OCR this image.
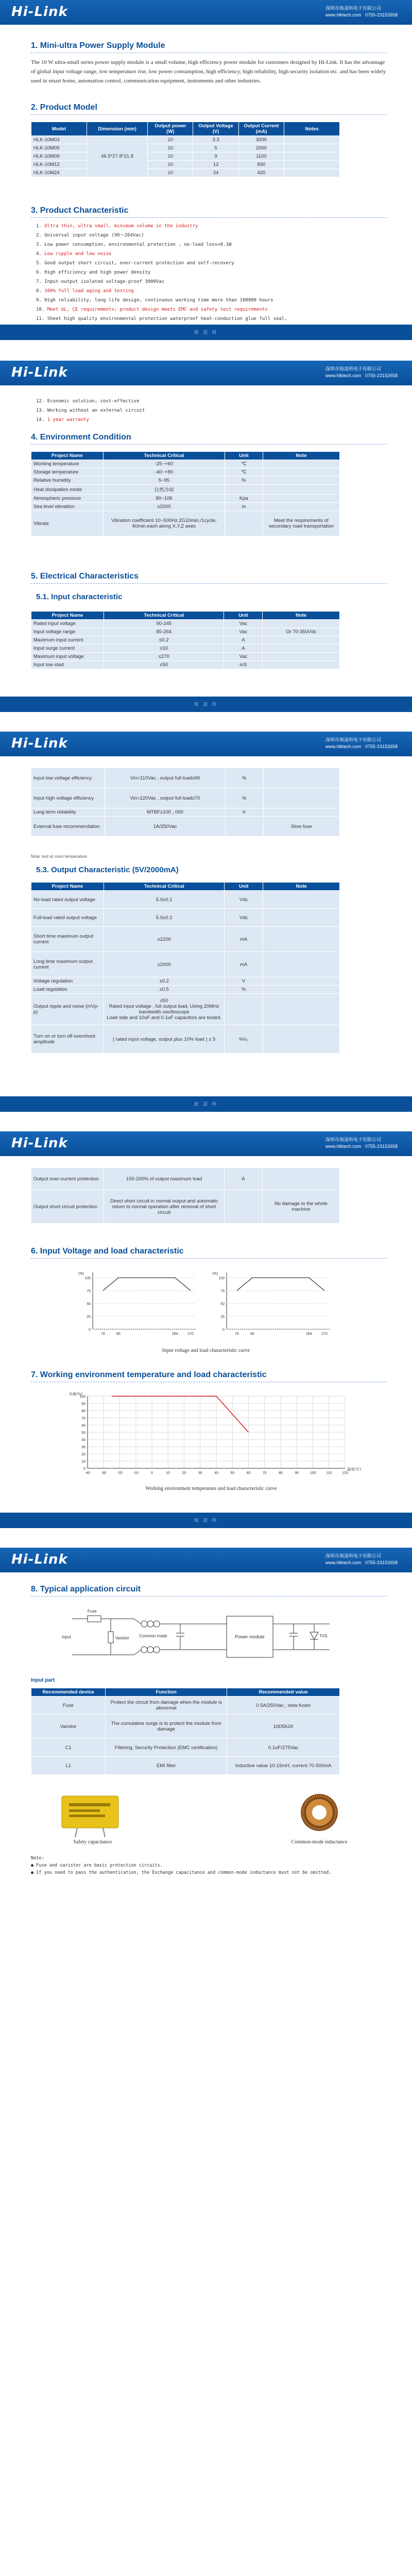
Hi-Link	深圳市海凌科电子有限公司
www.hlktech.com 0755-23152658
1. Mini-ultra Power Supply Module
The 10 W ultra-small series power supply module is a small volume, high efficiency power module for customers designed by Hi-Link. It has the advantage of global input voltage range, low temperature rise, low power consumption, high efficiency, high reliability, high security isolation etc. and has been widely used in smart home, automation control, communication equipment, instruments and other industries.
2. Product Model
Model	Dimension (mm)	Output power (W)	Output Voltage (V)	Output Current (mA)	Notes
HLK-10M03	46.5*27.8*21.8	10	3.3	3000	
HLK-10M05		10	5	2000	
HLK-10M09		10	9	1100	
HLK-10M12		10	12	830	
HLK-10M24		10	24	420	
3. Product Characteristic
1. Ultra thin, ultra small, minimum volume in the industry
2. Universal input voltage (90～264Vac)
3. Low power consumption, environmental protection , no-load loss<0.1W
4. Low ripple and low noise
5. Good output short circuit, over-current protection and self-recovery
6. High efficiency and high power density
7. Input-output isolated voltage-proof 3000Vac
8. 100% full load aging and testing
9. High reliability, long life design, continuous working time more than 100000 hours
10. Meet UL, CE requirements; product design meets EMC and safety test requirements
11. Sheet high quality environmental protection waterproof heat-conduction glue full seal,
海 凌 科
Hi-Link	深圳市海凌科电子有限公司
www.hlktech.com 0755-23152658
12. Economic solution, cost-effective
13. Working without an external circuit
14. 1 year warranty
4. Environment Condition
Project Name	Technical Critical	Unit	Note
Working temperature	-25~+60	℃	
Storage temperature	-40~+80	℃	
Relative humidity	5~95	%	
Heat dissipation mode	自然冷却		
Atmospheric pressure	80~106	Kpa	
Sea level elevation	≤2000	m	
Vibrate	Vibration coefficient 10~500Hz,2G10min./1cycle, 60min.each along X,Y,Z axes		Meet the requirements of secondary road transportation
5. Electrical Characteristics
5.1. Input characteristic
Project Name	Technical Critical	Unit	Note
Rated input voltage	90-245	Vac	
Input voltage range	85-264	Vac	Or 70-350Vdc
Maximum input current	≤0.2	A	
Input surge current	≤10	A	
Maximum input voltage	≤270	Vac	
Input low start	≤50	mS	
海 凌 科
Hi-Link	深圳市海凌科电子有限公司
www.hlktech.com 0755-23152658
Input low voltage efficiency	Vin=110Vac , output full load≥69	%	
Input high voltage efficiency	Vin=220Vac , output full load≥70	%	
Long term reliability	MTBF≥100 , 000	h	
External fuse recommendation	1A/250Vac		Slow fuse
Note: test at room temperature
5.3. Output Characteristic (5V/2000mA)
Project Name	Technical Critical	Unit	Note
No-load rated output voltage	5.0±0.1	Vdc	
Full-load rated output voltage	5.0±0.2	Vdc	
Short time maximum output current	≥2200	mA	
Long time maximum output current	≥2000	mA	
Voltage regulation	±0.2	V	
Load regulation	±0.5	%	
Output ripple and noise (mVp-p)	≤50
Rated input voltage , full output load, Using 20MHz bandwidth oscilloscope
Load side and 10uF and 0.1uF capacitors are tested.		

Turn on or turn off overshoot amplitude	( rated input voltage, output plus 10% load ) ≤ 5	%V₀	
海 凌 科
Hi-Link	深圳市海凌科电子有限公司
www.hlktech.com 0755-23152658
Output over-current protection	150-200% of output maximum load	A	
Output short circuit protection	Direct short circuit in normal output and automatic return to normal operation after removal of short circuit		No damage to the whole machine
6. Input Voltage and load characteristic
(%)
0
25
50
75
100
70	85	264	270
(%)
0
25
50
75
100
70	85	264	270
Input voltage and load characteristic curve
7. Working environment temperature and load characteristic
0
10
20
30
40
50
60
70
80
90
100
-40	-30	-20	-10	0	10	20	30	40	50	60	70	80	90	100	110	120
负载(%)
温度(℃)
Working environment temperature and load characteristic curve
海 凌 科
Hi-Link	深圳市海凌科电子有限公司
www.hlktech.com 0755-23152658
8. Typical application circuit
Fuse
Varistor Common mode	Power module	TVS
Input
Input part
Recommended device	Function	Recommended value
Fuse	Protect the circuit from damage when the module is abnormal	0.5A/250Vac , slow fuses
Varistor	The cumulative surge is to protect the module from damage	10D561K
C1	Filtering, Security Protection (EMC certification)	0.1uF/275Vac
L1	EMI filter	Inductive value 10-15mH, current 70-500mA
Safety capacitance	Common-mode inductance
Note:
● Fuse and varistor are basic protection circuits.
● If you need to pass the authentication, the Exchange capacitance and common-mode inductance must not be omitted.
